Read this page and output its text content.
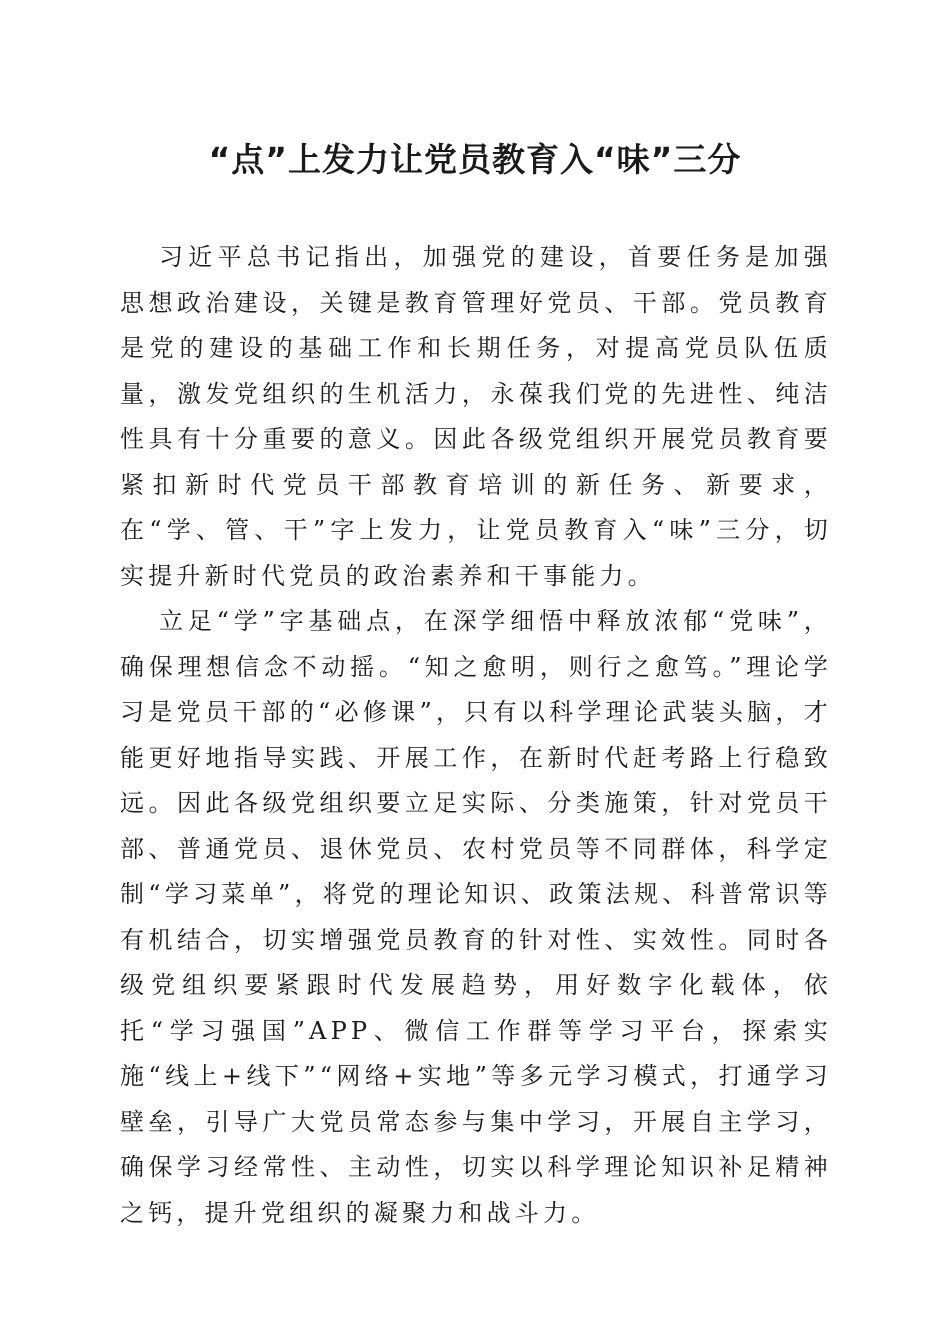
“点”上发力让党员教育入“味”三分

习近平总书记指出，加强党的建设，首要任务是加强思想政治建设，关键是教育管理好党员、干部。党员教育是党的建设的基础工作和长期任务，对提高党员队伍质量，激发党组织的生机活力，永葆我们党的先进性、纯洁性具有十分重要的意义。因此各级党组织开展党员教育要紧扣新时代党员干部教育培训的新任务、新要求，在“学、管、干”字上发力，让党员教育入“味”三分，切实提升新时代党员的政治素养和干事能力。

立足“学”字基础点，在深学细悟中释放浓郁“党味”，确保理想信念不动摇。“知之愈明，则行之愈笃。”理论学习是党员干部的“必修课”，只有以科学理论武装头脑，才能更好地指导实践、开展工作，在新时代赶考路上行稳致远。因此各级党组织要立足实际、分类施策，针对党员干部、普通党员、退休党员、农村党员等不同群体，科学定制“学习菜单”，将党的理论知识、政策法规、科普常识等有机结合，切实增强党员教育的针对性、实效性。同时各级党组织要紧跟时代发展趋势，用好数字化载体，依托“学习强国”APP、微信工作群等学习平台，探索实施“线上+线下”“网络+实地”等多元学习模式，打通学习壁垒，引导广大党员常态参与集中学习，开展自主学习，确保学习经常性、主动性，切实以科学理论知识补足精神之钙，提升党组织的凝聚力和战斗力。
